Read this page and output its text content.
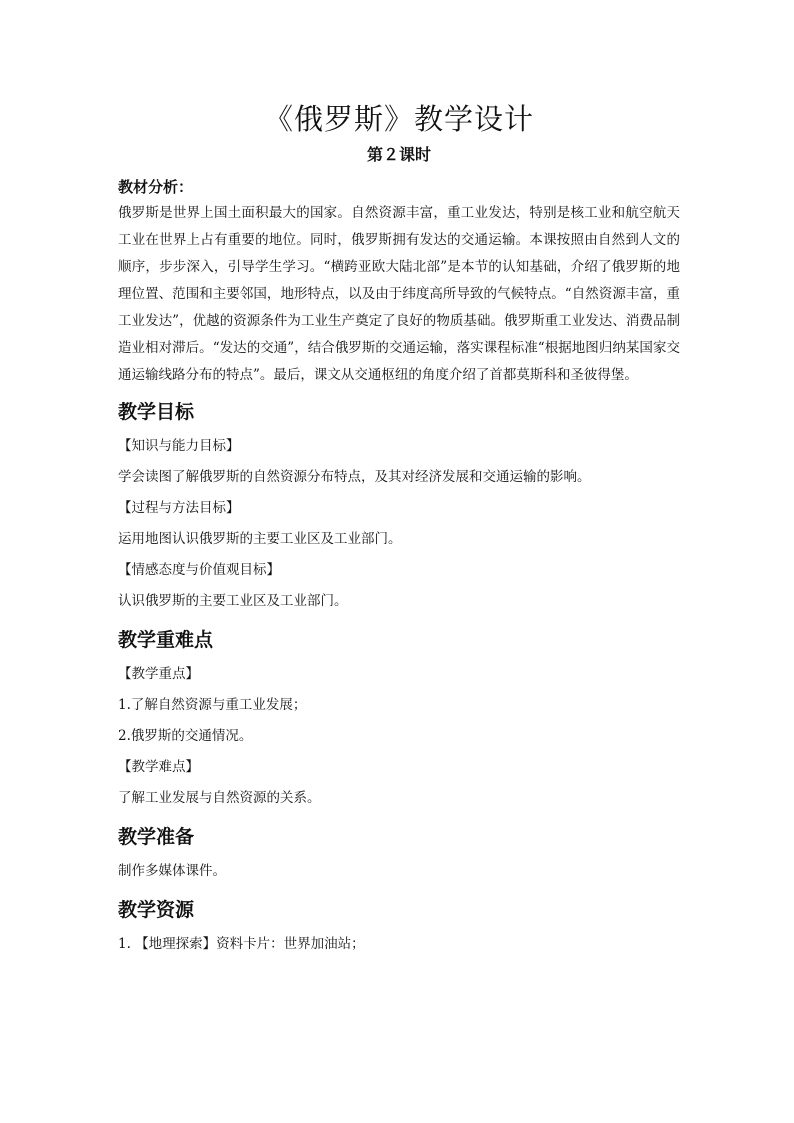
《俄罗斯》教学设计

第２课时

教材分析：

俄罗斯是世界上国土面积最大的国家。自然资源丰富，重工业发达，特别是核工业和航空航天工业在世界上占有重要的地位。同时，俄罗斯拥有发达的交通运输。本课按照由自然到人文的顺序，步步深入，引导学生学习。“横跨亚欧大陆北部”是本节的认知基础，介绍了俄罗斯的地理位置、范围和主要邻国，地形特点，以及由于纬度高所导致的气候特点。“自然资源丰富，重工业发达”，优越的资源条件为工业生产奠定了良好的物质基础。俄罗斯重工业发达、消费品制造业相对滞后。“发达的交通”，结合俄罗斯的交通运输，落实课程标准“根据地图归纳某国家交通运输线路分布的特点”。最后，课文从交通枢纽的角度介绍了首都莫斯科和圣彼得堡。

教学目标

【知识与能力目标】

学会读图了解俄罗斯的自然资源分布特点，及其对经济发展和交通运输的影响。

【过程与方法目标】

运用地图认识俄罗斯的主要工业区及工业部门。

【情感态度与价值观目标】

认识俄罗斯的主要工业区及工业部门。

教学重难点

【教学重点】

1.了解自然资源与重工业发展；

2.俄罗斯的交通情况。

【教学难点】

了解工业发展与自然资源的关系。

教学准备

制作多媒体课件。

教学资源

1. 【地理探索】资料卡片：世界加油站；
